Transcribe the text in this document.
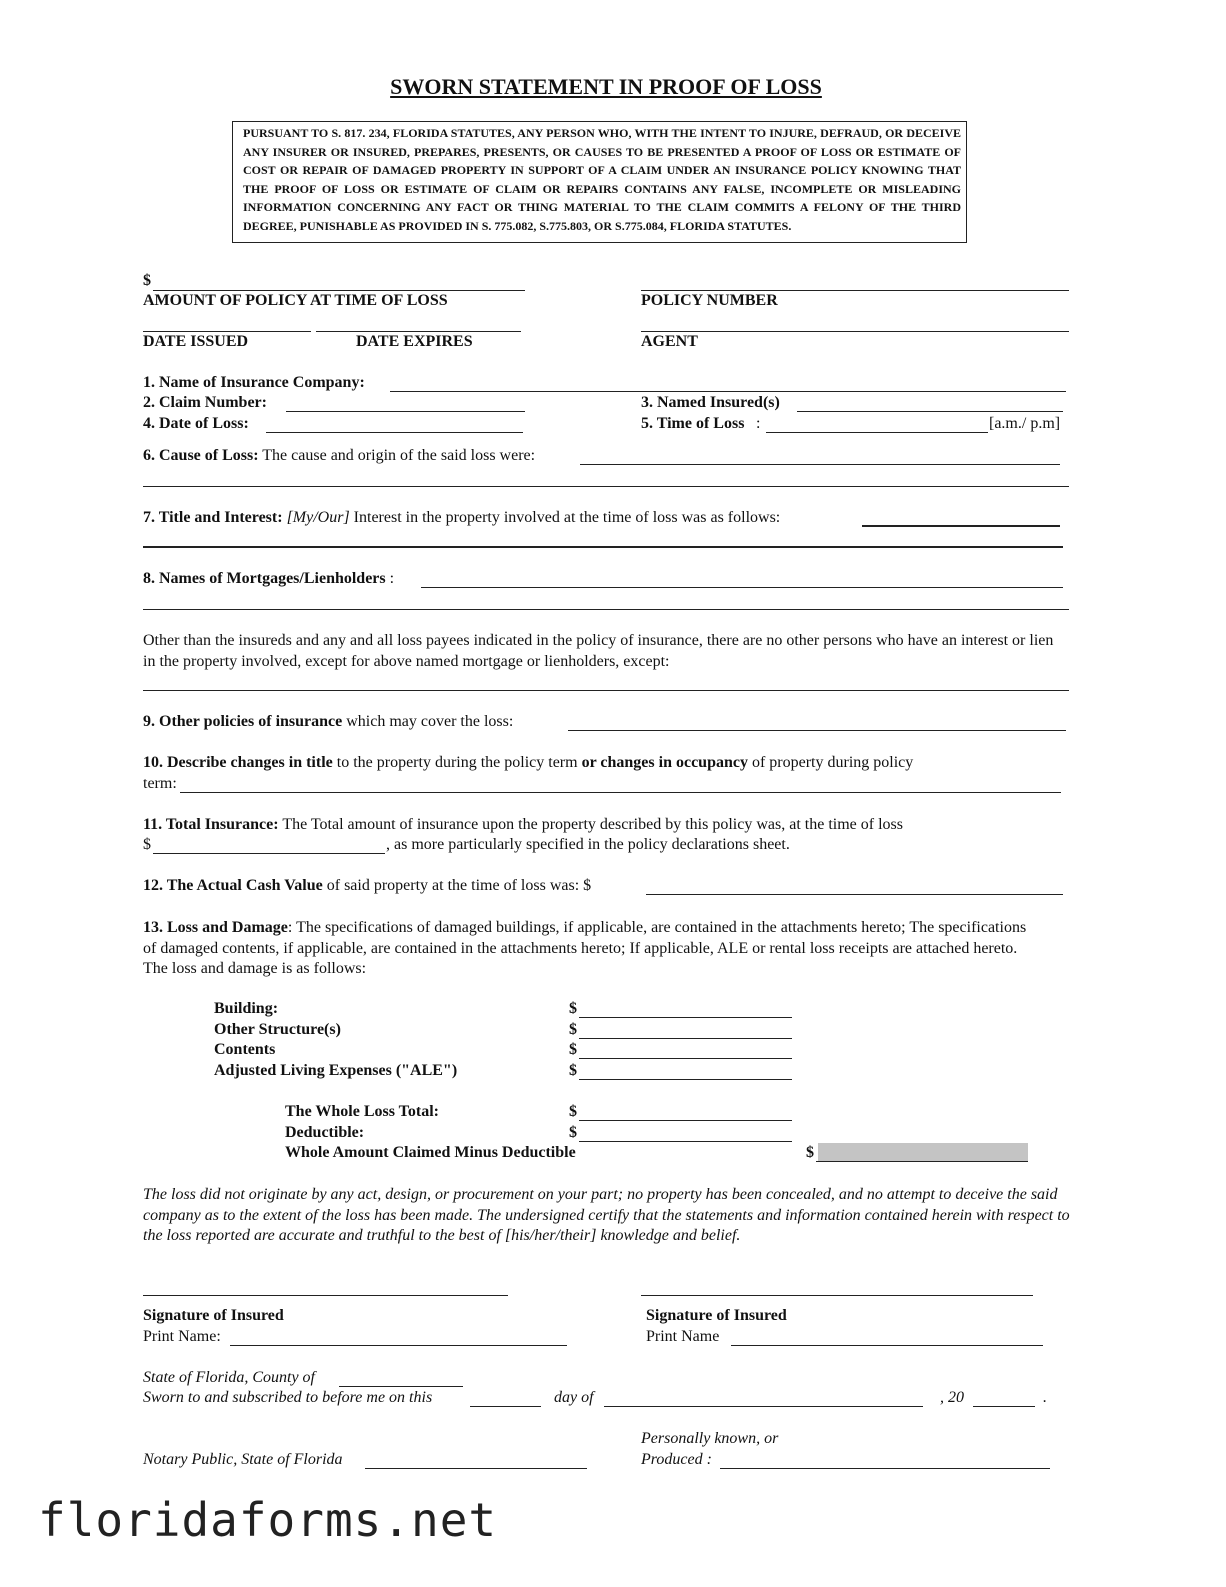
SWORN STATEMENT IN PROOF OF LOSS
PURSUANT TO S. 817. 234, FLORIDA STATUTES, ANY PERSON WHO, WITH THE INTENT TO INJURE, DEFRAUD, OR DECEIVE ANY INSURER OR INSURED, PREPARES, PRESENTS, OR CAUSES TO BE PRESENTED A PROOF OF LOSS OR ESTIMATE OF COST OR REPAIR OF DAMAGED PROPERTY IN SUPPORT OF A CLAIM UNDER AN INSURANCE POLICY KNOWING THAT THE PROOF OF LOSS OR ESTIMATE OF CLAIM OR REPAIRS CONTAINS ANY FALSE, INCOMPLETE OR MISLEADING INFORMATION CONCERNING ANY FACT OR THING MATERIAL TO THE CLAIM COMMITS A FELONY OF THE THIRD DEGREE, PUNISHABLE AS PROVIDED IN S. 775.082, S.775.803, OR S.775.084, FLORIDA STATUTES.
$
AMOUNT OF POLICY AT TIME OF LOSS	POLICY NUMBER
DATE ISSUED	DATE EXPIRES	AGENT
1. Name of Insurance Company:
2. Claim Number:	3. Named Insured(s)
4. Date of Loss:	5. Time of Loss :	[a.m./ p.m]
6. Cause of Loss: The cause and origin of the said loss were:
7. Title and Interest: [My/Our] Interest in the property involved at the time of loss was as follows:
8. Names of Mortgages/Lienholders :
Other than the insureds and any and all loss payees indicated in the policy of insurance, there are no other persons who have an interest or lien in the property involved, except for above named mortgage or lienholders, except:
9. Other policies of insurance which may cover the loss:
10. Describe changes in title to the property during the policy term or changes in occupancy of property during policy
term:
11. Total Insurance: The Total amount of insurance upon the property described by this policy was, at the time of loss
$	, as more particularly specified in the policy declarations sheet.
12. The Actual Cash Value of said property at the time of loss was: $
13. Loss and Damage: The specifications of damaged buildings, if applicable, are contained in the attachments hereto; The specifications of damaged contents, if applicable, are contained in the attachments hereto; If applicable, ALE or rental loss receipts are attached hereto. The loss and damage is as follows:
Building:	$
Other Structure(s)	$
Contents	$
Adjusted Living Expenses ("ALE")	$
The Whole Loss Total:	$
Deductible:	$
Whole Amount Claimed Minus Deductible	$
The loss did not originate by any act, design, or procurement on your part; no property has been concealed, and no attempt to deceive the said company as to the extent of the loss has been made. The undersigned certify that the statements and information contained herein with respect to the loss reported are accurate and truthful to the best of [his/her/their] knowledge and belief.
Signature of Insured	Signature of Insured
Print Name:	Print Name
State of Florida, County of
Sworn to and subscribed to before me on this	day of	, 20	.
Personally known, or
Notary Public, State of Florida	Produced :
floridaforms.net
